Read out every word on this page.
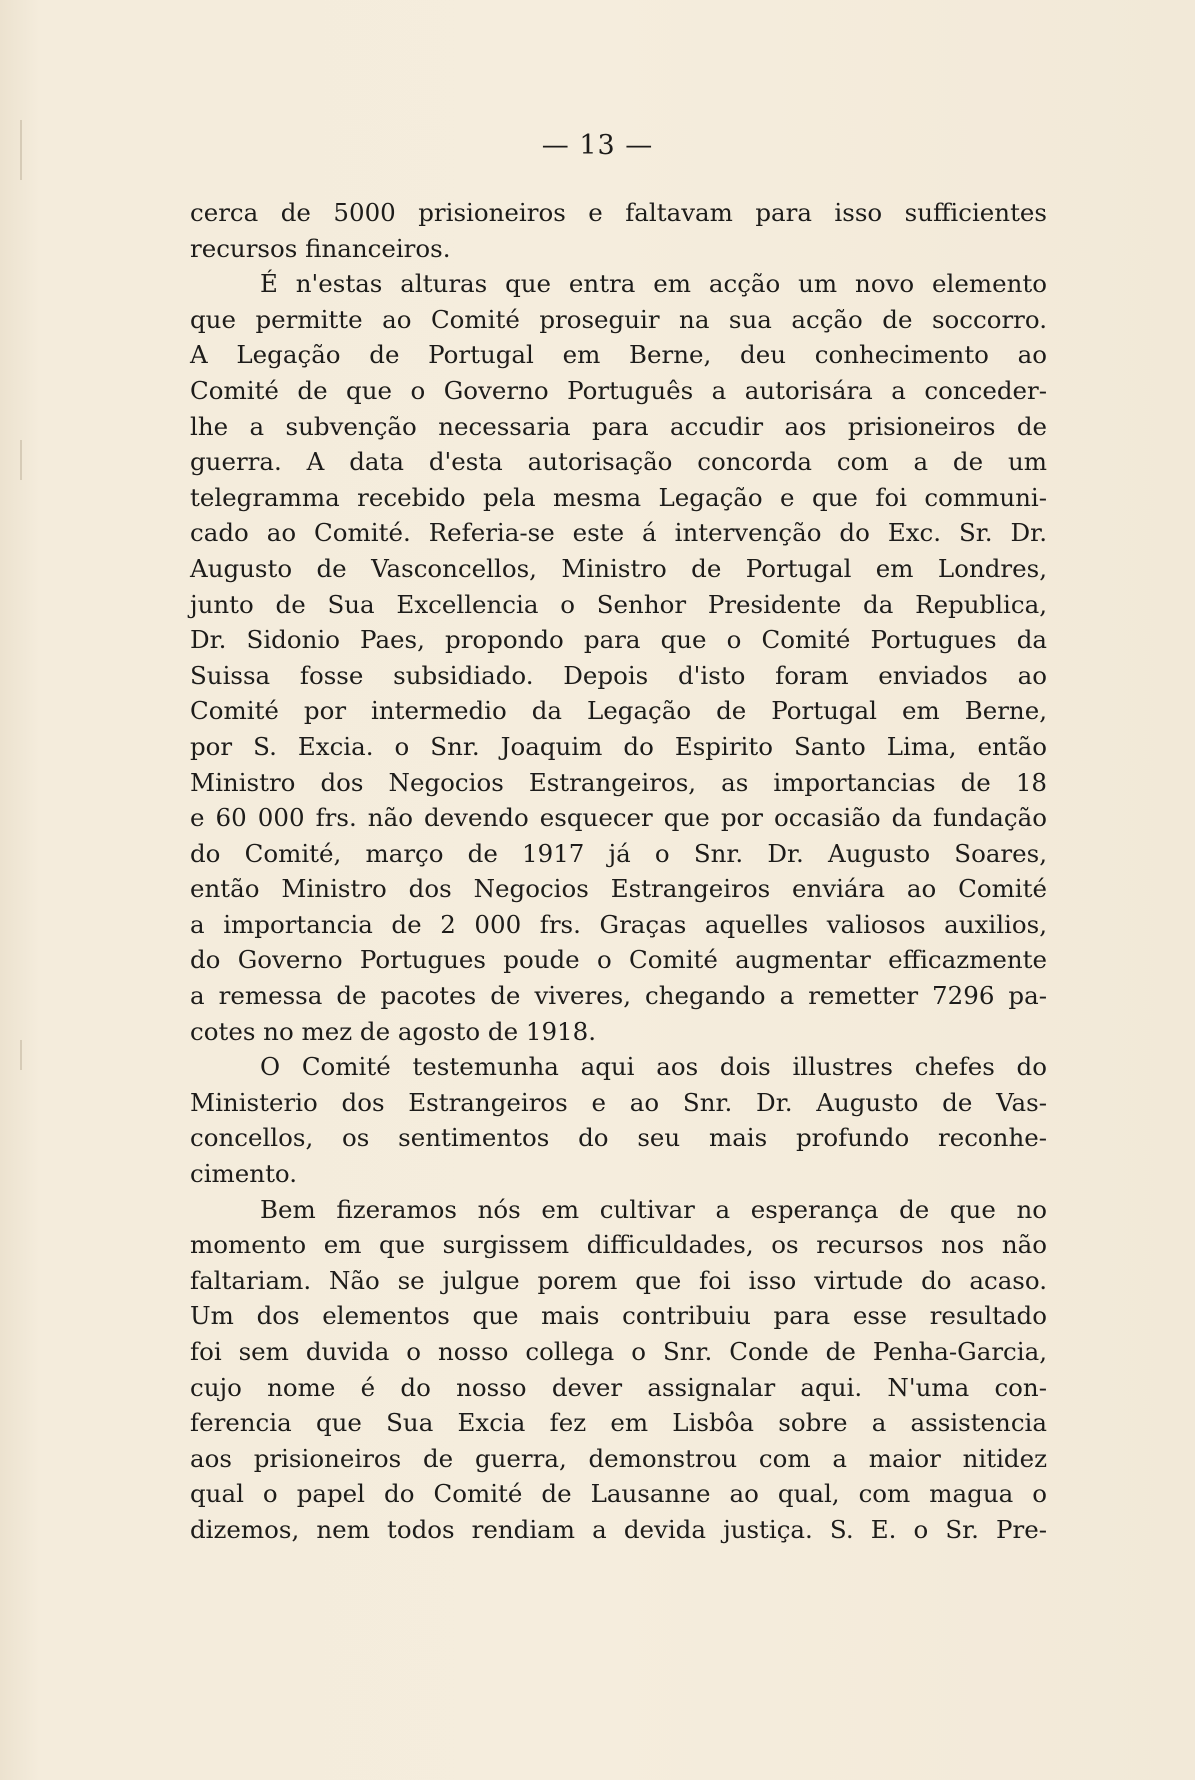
— 13 —
cerca de 5000 prisioneiros e faltavam para isso sufficientes
recursos financeiros.
É n'estas alturas que entra em acção um novo elemento
que permitte ao Comité proseguir na sua acção de soccorro.
A Legação de Portugal em Berne, deu conhecimento ao
Comité de que o Governo Português a autorisára a conceder-
lhe a subvenção necessaria para accudir aos prisioneiros de
guerra. A data d'esta autorisação concorda com a de um
telegramma recebido pela mesma Legação e que foi communi-
cado ao Comité. Referia-se este á intervenção do Exc. Sr. Dr.
Augusto de Vasconcellos, Ministro de Portugal em Londres,
junto de Sua Excellencia o Senhor Presidente da Republica,
Dr. Sidonio Paes, propondo para que o Comité Portugues da
Suissa fosse subsidiado. Depois d'isto foram enviados ao
Comité por intermedio da Legação de Portugal em Berne,
por S. Excia. o Snr. Joaquim do Espirito Santo Lima, então
Ministro dos Negocios Estrangeiros, as importancias de 18
e 60 000 frs. não devendo esquecer que por occasião da fundação
do Comité, março de 1917 já o Snr. Dr. Augusto Soares,
então Ministro dos Negocios Estrangeiros enviára ao Comité
a importancia de 2 000 frs. Graças aquelles valiosos auxilios,
do Governo Portugues poude o Comité augmentar efficazmente
a remessa de pacotes de viveres, chegando a remetter 7296 pa-
cotes no mez de agosto de 1918.
O Comité testemunha aqui aos dois illustres chefes do
Ministerio dos Estrangeiros e ao Snr. Dr. Augusto de Vas-
concellos, os sentimentos do seu mais profundo reconhe-
cimento.
Bem fizeramos nós em cultivar a esperança de que no
momento em que surgissem difficuldades, os recursos nos não
faltariam. Não se julgue porem que foi isso virtude do acaso.
Um dos elementos que mais contribuiu para esse resultado
foi sem duvida o nosso collega o Snr. Conde de Penha-Garcia,
cujo nome é do nosso dever assignalar aqui. N'uma con-
ferencia que Sua Excia fez em Lisbôa sobre a assistencia
aos prisioneiros de guerra, demonstrou com a maior nitidez
qual o papel do Comité de Lausanne ao qual, com magua o
dizemos, nem todos rendiam a devida justiça. S. E. o Sr. Pre-
